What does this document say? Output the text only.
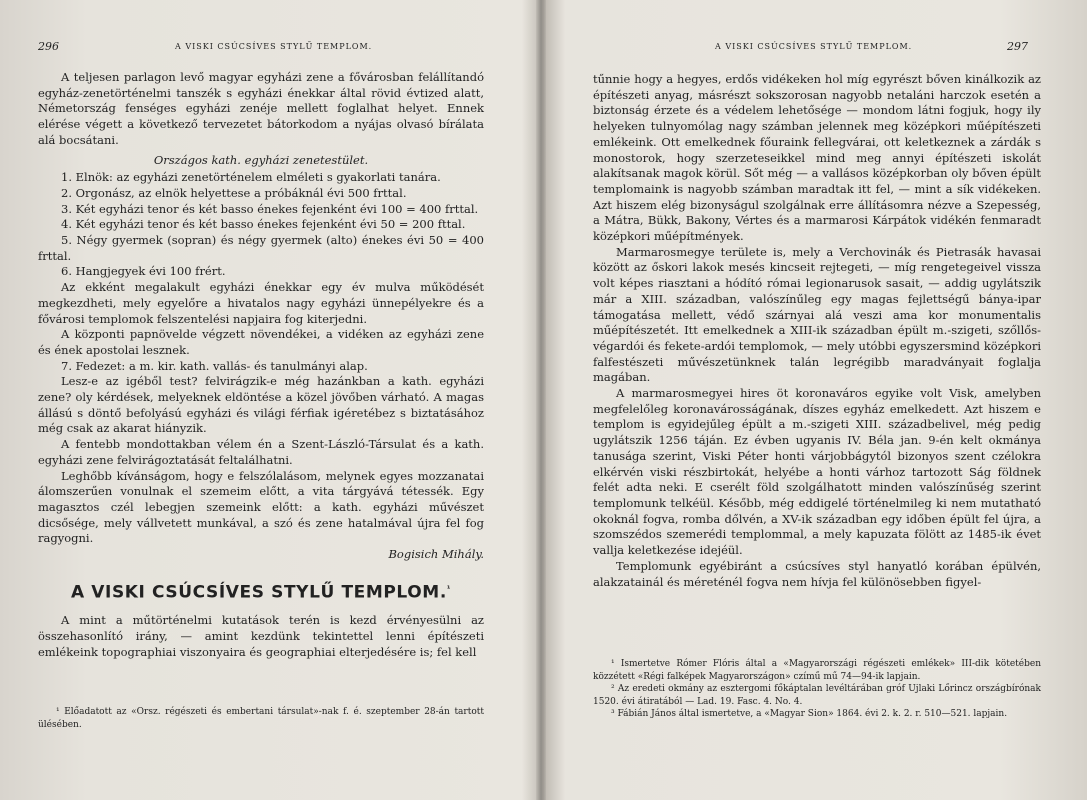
296	A VISKI CSÚCSÍVES STYLŰ TEMPLOM.

A teljesen parlagon levő magyar egyházi zene a fővárosban felállítandó egyház-zenetörténelmi tanszék s egyházi énekkar által rövid évtized alatt, Németország fenséges egyházi zenéje mellett foglalhat helyet. Ennek elérése végett a következő tervezetet bátorkodom a nyájas olvasó bírálata alá bocsátani.

Országos kath. egyházi zenetestület.

1. Elnök: az egyházi zenetörténelem elméleti s gyakorlati tanára.

2. Orgonász, az elnök helyettese a próbáknál évi 500 frttal.

3. Két egyházi tenor és két basso énekes fejenként évi 100 = 400 frttal.

4. Két egyházi tenor és két basso énekes fejenként évi 50 = 200 fttal.

5. Négy gyermek (sopran) és négy gyermek (alto) énekes évi 50 = 400 frttal.

6. Hangjegyek évi 100 frért.

Az ekként megalakult egyházi énekkar egy év mulva működését megkezdheti, mely egyelőre a hivatalos nagy egyházi ünnepélyekre és a fővárosi templomok felszentelési napjaira fog kiterjedni.

A központi papnövelde végzett növendékei, a vidéken az egyházi zene és ének apostolai lesznek.

7. Fedezet: a m. kir. kath. vallás- és tanulmányi alap.

Lesz-e az igéből test? felvirágzik-e még hazánkban a kath. egyházi zene? oly kérdések, melyeknek eldöntése a közel jövőben várható. A magas állású s döntő befolyású egyházi és világi férfiak igéretébez s biztatásához még csak az akarat hiányzik.

A fentebb mondottakban vélem én a Szent-László-Társulat és a kath. egyházi zene felvirágoztatását feltalálhatni.

Leghőbb kívánságom, hogy e felszólalásom, melynek egyes mozzanatai álomszerűen vonulnak el szemeim előtt, a vita tárgyává tétessék. Egy magasztos czél lebegjen szemeink előtt: a kath. egyházi művészet dicsősége, mely vállvetett munkával, a szó és zene hatalmával újra fel fog ragyogni.

Bogisich Mihály.

A VISKI CSÚCSÍVES STYLŰ TEMPLOM.$^{^1}$

A mint a műtörténelmi kutatások terén is kezd érvényesülni az összehasonlító irány, — amint kezdünk tekintettel lenni építészeti emlékeink topographiai viszonyaira és geographiai elterjedésére is; fel kell

¹ Előadatott az «Orsz. régészeti és embertani társulat»-nak f. é. szeptember 28-án tartott ülésében.

A VISKI CSÚCSÍVES STYLŰ TEMPLOM.	297

tűnnie hogy a hegyes, erdős vidékeken hol míg egyrészt bőven kinálkozik az építészeti anyag, másrészt sokszorosan nagyobb netaláni harczok esetén a biztonság érzete és a védelem lehetősége — mondom látni fogjuk, hogy ily helyeken tulnyomólag nagy számban jelennek meg középkori műépítészeti emlékeink. Ott emelkednek főuraink fellegvárai, ott keletkeznek a zárdák s monostorok, hogy szerzeteseikkel mind meg annyi építészeti iskolát alakítsanak magok körül. Sőt még — a vallásos középkorban oly bőven épült templomaink is nagyobb számban maradtak itt fel, — mint a sík vidékeken. Azt hiszem elég bizonyságul szolgálnak erre állításomra nézve a Szepesség, a Mátra, Bükk, Bakony, Vértes és a marmarosi Kárpátok vidékén fenmaradt középkori műépítmények.

Marmarosmegye területe is, mely a Verchovinák és Pietrasák havasai között az őskori lakok mesés kincseit rejtegeti, — míg rengetegeivel vissza volt képes riasztani a hódító római legionarusok sasait, — addig ugylátszik már a XIII. században, valószínűleg egy magas fejlettségű bánya-ipar támogatása mellett, védő szárnyai alá veszi ama kor monumentalis műépítészetét. Itt emelkednek a XIII-ik században épült m.-szigeti, szőllős-végardói és fekete-ardói templomok, — mely utóbbi egyszersmind középkori falfestészeti művészetünknek talán legrégibb maradványait foglalja magában.

A marmarosmegyei hires öt koronaváros egyike volt Visk, amelyben megfelelőleg koronavárosságának, díszes egyház emelkedett. Azt hiszem e templom is egyidejűleg épült a m.-szigeti XIII. századbelivel, még pedig ugylátszik 1256 táján. Ez évben ugyanis IV. Béla jan. 9-én kelt okmánya tanusága szerint, Viski Péter honti várjobbágytól bizonyos szent czélokra elkérvén viski részbirtokát, helyébe a honti várhoz tartozott Ság földnek felét adta neki. E cserélt föld szolgálhatott minden valószínűség szerint templomunk telkéül. Később, még eddigelé történelmileg ki nem mutatható okoknál fogva, romba dőlvén, a XV-ik században egy időben épült fel újra, a szomszédos szemerédi templommal, a mely kapuzata fölött az 1485-ik évet vallja keletkezése idejéül.

Templomunk egyébiránt a csúcsíves styl hanyatló korában épülvén, alakzatainál és méreténél fogva nem hívja fel különösebben figyel-

¹ Ismertetve Rómer Flóris által a «Magyarországi régészeti emlékek» III-dik kötetében közzétett «Régi falképek Magyarországon» czímű mű 74—94-ik lapjain.

² Az eredeti okmány az esztergomi főkáptalan levéltárában gróf Ujlaki Lőrincz országbírónak 1520. évi átiratából — Lad. 19. Fasc. 4. No. 4.

³ Fábián János által ismertetve, a «Magyar Sion» 1864. évi 2. k. 2. r. 510—521. lapjain.
